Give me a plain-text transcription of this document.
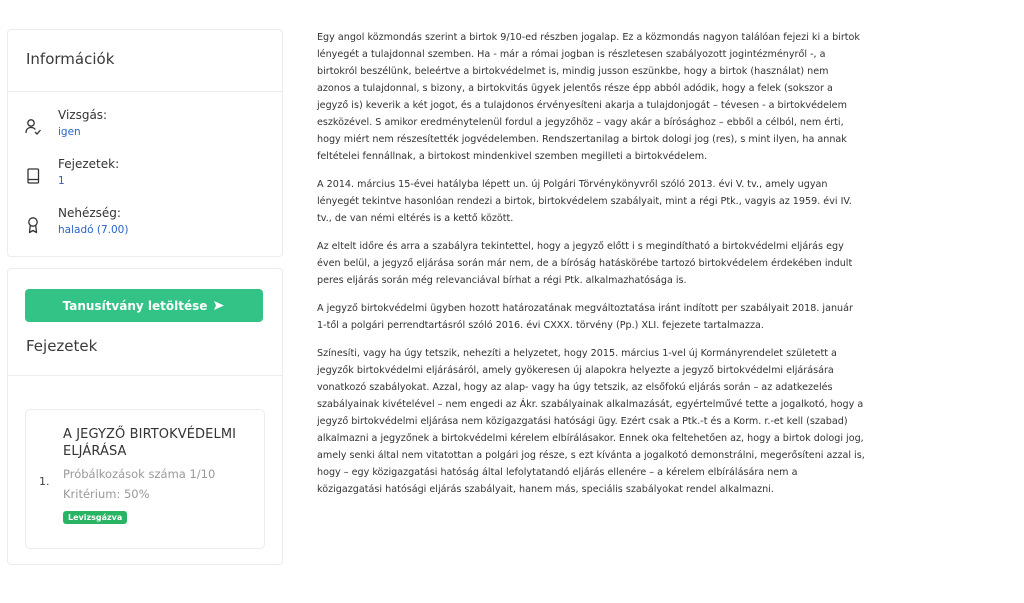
Információk
Vizsgás:
igen
Fejezetek:
1
Nehézség:
haladó (7.00)
Tanusítvány letöltése
Fejezetek
1.
A JEGYZŐ BIRTOKVÉDELMI ELJÁRÁSA
Próbálkozások száma 1/10
Kritérium: 50%
Levizsgázva

Egy angol közmondás szerint a birtok 9/10-ed részben jogalap. Ez a közmondás nagyon találóan fejezi ki a birtok lényegét a tulajdonnal szemben. Ha - már a római jogban is részletesen szabályozott jogintézményről -, a birtokról beszélünk, beleértve a birtokvédelmet is, mindig jusson eszünkbe, hogy a birtok (használat) nem azonos a tulajdonnal, s bizony, a birtokvitás ügyek jelentős része épp abból adódik, hogy a felek (sokszor a jegyző is) keverik a két jogot, és a tulajdonos érvényesíteni akarja a tulajdonjogát – tévesen - a birtokvédelem eszközével. S amikor eredménytelenül fordul a jegyzőhöz – vagy akár a bírósághoz – ebből a célból, nem érti, hogy miért nem részesítették jogvédelemben. Rendszertanilag a birtok dologi jog (res), s mint ilyen, ha annak feltételei fennállnak, a birtokost mindenkivel szemben megilleti a birtokvédelem.

A 2014. március 15-évei hatályba lépett un. új Polgári Törvénykönyvről szóló 2013. évi V. tv., amely ugyan lényegét tekintve hasonlóan rendezi a birtok, birtokvédelem szabályait, mint a régi Ptk., vagyis az 1959. évi IV. tv., de van némi eltérés is a kettő között.

Az eltelt időre és arra a szabályra tekintettel, hogy a jegyző előtt i s megindítható a birtokvédelmi eljárás egy éven belül, a jegyző eljárása során már nem, de a bíróság hatáskörébe tartozó birtokvédelem érdekében indult peres eljárás során még relevanciával bírhat a régi Ptk. alkalmazhatósága is.

A jegyző birtokvédelmi ügyben hozott határozatának megváltoztatása iránt indított per szabályait 2018. január 1-től a polgári perrendtartásról szóló 2016. évi CXXX. törvény (Pp.) XLI. fejezete tartalmazza.

Színesíti, vagy ha úgy tetszik, nehezíti a helyzetet, hogy 2015. március 1-vel új Kormányrendelet született a jegyzők birtokvédelmi eljárásáról, amely gyökeresen új alapokra helyezte a jegyző birtokvédelmi eljárására vonatkozó szabályokat. Azzal, hogy az alap- vagy ha úgy tetszik, az elsőfokú eljárás során – az adatkezelés szabályainak kivételével – nem engedi az Ákr. szabályainak alkalmazását, egyértelművé tette a jogalkotó, hogy a jegyző birtokvédelmi eljárása nem közigazgatási hatósági ügy. Ezért csak a Ptk.-t és a Korm. r.-et kell (szabad) alkalmazni a jegyzőnek a birtokvédelmi kérelem elbírálásakor. Ennek oka feltehetően az, hogy a birtok dologi jog, amely senki által nem vitatottan a polgári jog része, s ezt kívánta a jogalkotó demonstrálni, megerősíteni azzal is, hogy – egy közigazgatási hatóság által lefolytatandó eljárás ellenére – a kérelem elbírálására nem a közigazgatási hatósági eljárás szabályait, hanem más, speciális szabályokat rendel alkalmazni.
